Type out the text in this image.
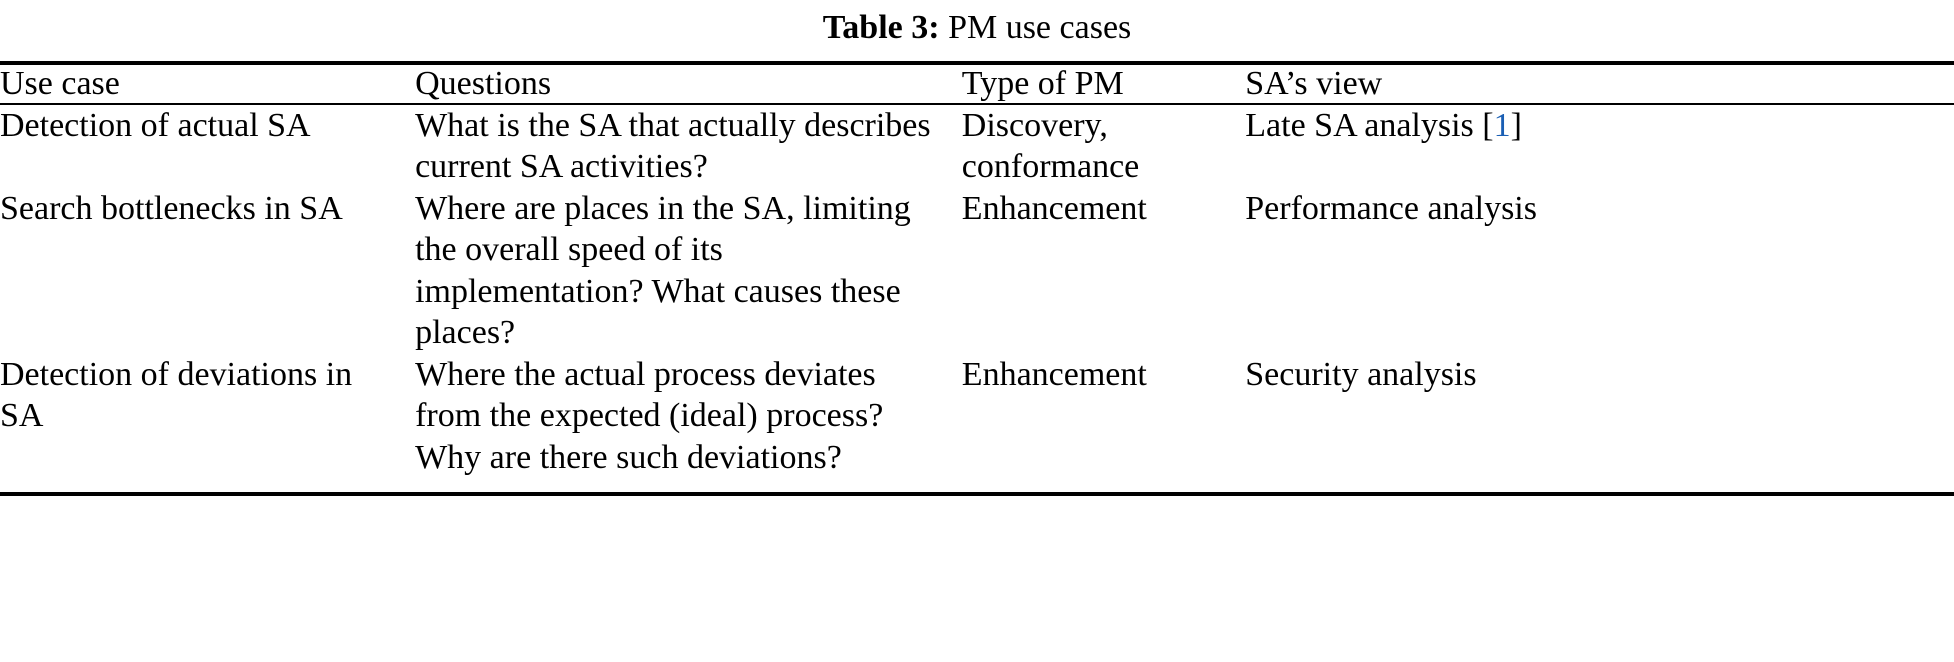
Table 3: PM use cases
Use case	Questions	Type of PM	SA’s view
Detection of actual SA	What is the SA that actually describes current SA activities?	Discovery, conformance	Late SA analysis [1]
Search bottlenecks in SA	Where are places in the SA, limiting the overall speed of its implementation? What causes these places?	Enhancement	Performance analysis
Detection of deviations in SA	Where the actual process deviates from the expected (ideal) process? Why are there such deviations?	Enhancement	Security analysis
